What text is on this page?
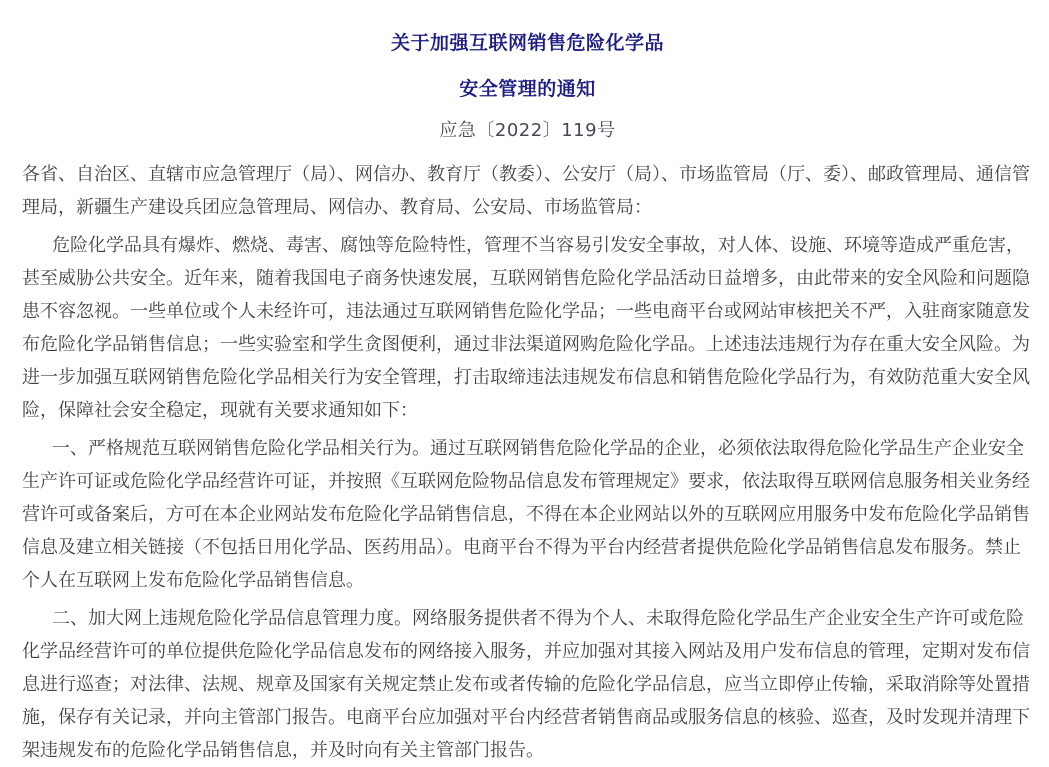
关于加强互联网销售危险化学品
安全管理的通知
应急〔2022〕119号

各省、自治区、直辖市应急管理厅（局）、网信办、教育厅（教委）、公安厅（局）、市场监管局（厅、委）、邮政管理局、通信管理局，新疆生产建设兵团应急管理局、网信办、教育局、公安局、市场监管局：

危险化学品具有爆炸、燃烧、毒害、腐蚀等危险特性，管理不当容易引发安全事故，对人体、设施、环境等造成严重危害，甚至威胁公共安全。近年来，随着我国电子商务快速发展，互联网销售危险化学品活动日益增多，由此带来的安全风险和问题隐患不容忽视。一些单位或个人未经许可，违法通过互联网销售危险化学品；一些电商平台或网站审核把关不严，入驻商家随意发布危险化学品销售信息；一些实验室和学生贪图便利，通过非法渠道网购危险化学品。上述违法违规行为存在重大安全风险。为进一步加强互联网销售危险化学品相关行为安全管理，打击取缔违法违规发布信息和销售危险化学品行为，有效防范重大安全风险，保障社会安全稳定，现就有关要求通知如下：

一、严格规范互联网销售危险化学品相关行为。通过互联网销售危险化学品的企业，必须依法取得危险化学品生产企业安全生产许可证或危险化学品经营许可证，并按照《互联网危险物品信息发布管理规定》要求，依法取得互联网信息服务相关业务经营许可或备案后，方可在本企业网站发布危险化学品销售信息，不得在本企业网站以外的互联网应用服务中发布危险化学品销售信息及建立相关链接（不包括日用化学品、医药用品）。电商平台不得为平台内经营者提供危险化学品销售信息发布服务。禁止个人在互联网上发布危险化学品销售信息。

二、加大网上违规危险化学品信息管理力度。网络服务提供者不得为个人、未取得危险化学品生产企业安全生产许可或危险化学品经营许可的单位提供危险化学品信息发布的网络接入服务，并应加强对其接入网站及用户发布信息的管理，定期对发布信息进行巡查；对法律、法规、规章及国家有关规定禁止发布或者传输的危险化学品信息，应当立即停止传输，采取消除等处置措施，保存有关记录，并向主管部门报告。电商平台应加强对平台内经营者销售商品或服务信息的核验、巡查，及时发现并清理下架违规发布的危险化学品销售信息，并及时向有关主管部门报告。
